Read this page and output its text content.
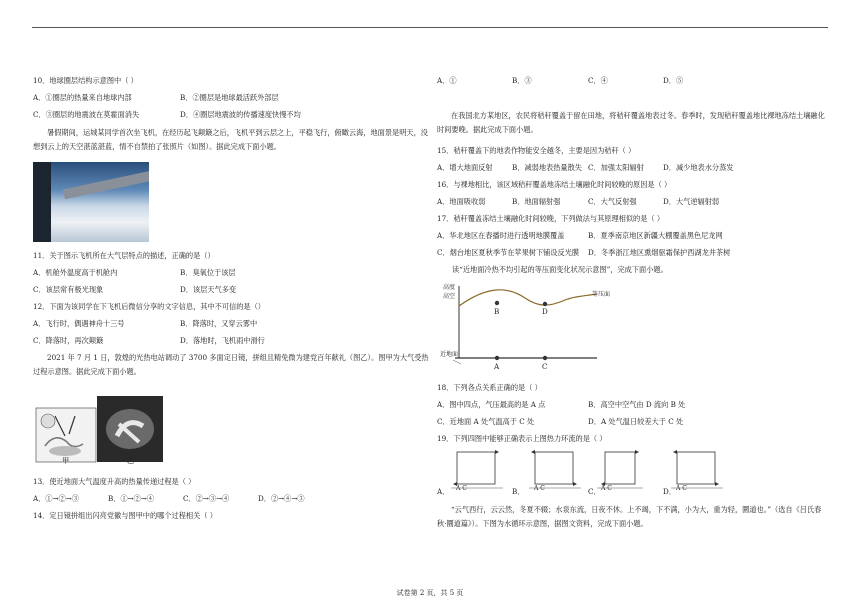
10．地球圈层结构示意图中（ ）
A．①圈层的热量来自地球内部	B．②圈层是地球最活跃外部层
C．③圈层的地震波在莫霍面消失	D．④圈层地震波的传播速度快慢不均
暑假期间，运城某同学首次坐飞机，在经历起飞颠簸之后，飞机平到云层之上，平稳飞行，俯瞰云海，地面景是明天，没想到云上的天空湛蓝湛蓝，情不自禁拍了张照片（如图）。据此完成下面小题。
11．关于图示飞机所在大气层特点的描述，正确的是（）
A．机舱外温度高于机舱内	B．臭氧位于该层
C．该层常有极光现象	D．该层天气多变
12．下面为该同学在下飞机后微信分享的文字信息，其中不可信的是（）
A．飞行时，偶遇神舟十三号	B．降落时，又穿云雾中
C．降落时，再次颠簸	D．落地时，飞机雨中滑行
2021 年 7 月 1 日，敦煌的光热电站调动了 3700 多面定日镜，拼组且精免微为建党百年献礼（图乙）。图甲为大气受热过程示意图。据此完成下面小题。
甲	乙
13．使近地面大气温度升高的热量传递过程是（ ）
A．①→②→③	B．①→②→④	C．②→③→④	D．②→④→③
14．定日镜拼组出闪亮党徽与图甲中的哪个过程相关（ ）
A．①	B．③	C．④	D．⑤
在我国北方某地区，农民将秸秆覆盖于留在田地，将秸秆覆盖地表过冬。春季时，发现秸秆覆盖地比裸地冻结土壤融化时间要晚。据此完成下面小题。
15．秸秆覆盖下的地表作物能安全越冬，主要是因为秸秆（ ）
A．增大地面反射	B．减弱地表热量散失 C．加强太阳辐射	D．减少地表水分蒸发
16．与裸地相比，该区域秸秆覆盖地冻结土壤融化时间较晚的原因是（ ）
A．地面吸收弱	B．地面辐射强	C．大气反射强	D．大气逆辐射弱
17．秸秆覆盖冻结土壤融化时间较晚，下列做法与其原理相似的是（ ）
A．华北地区在春播时进行透明地膜覆盖	B．夏季南京地区新疆大棚覆盖黑色尼龙网
C．烟台地区夏秋季节在苹果树下铺设反光膜 D．冬季浙江地区熏烟驱霜保护西湖龙井茶树
读“近地面冷热不均引起的等压面变化状况示意图”，完成下面小题。
高度
高空
近地面
等压面
B	D
A	C
18．下列各点关系正确的是（ ）
A．图中四点，气压最高的是 A 点	B．高空中空气由 D 流向 B 处
C．近地面 A 处气温高于 C 处	D．A 处气温日较差大于 C 处
19．下列四图中能够正确表示上图热力环流的是（ ）
A．	B．	C．	D．
A C	A C	A C	A C
“云气西行，云云然，冬夏不辍；水泉东流，日夜不休。上不竭，下不满，小为大，重为轻，圜道也。”（选自《吕氏春秋·圜道篇》）。下图为水循环示意图，据图文资料，完成下面小题。
试卷第 2 页，共 5 页
